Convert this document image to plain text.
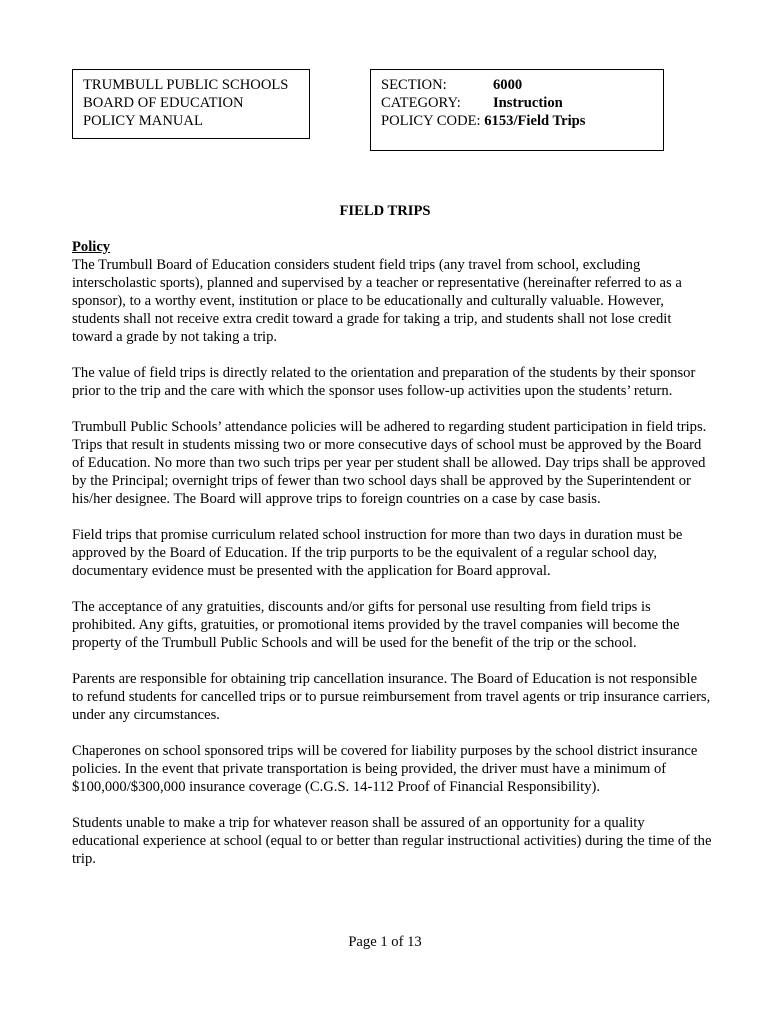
TRUMBULL PUBLIC SCHOOLS
BOARD OF EDUCATION
POLICY MANUAL
SECTION:	6000
CATEGORY:	Instruction
POLICY CODE:
6153/Field Trips
FIELD TRIPS
Policy

The Trumbull Board of Education considers student field trips (any travel from school, excluding interscholastic sports), planned and supervised by a teacher or representative (hereinafter referred to as a sponsor), to a worthy event, institution or place to be educationally and culturally valuable. However, students shall not receive extra credit toward a grade for taking a trip, and students shall not lose credit toward a grade by not taking a trip.

The value of field trips is directly related to the orientation and preparation of the students by their sponsor prior to the trip and the care with which the sponsor uses follow-up activities upon the students’ return.

Trumbull Public Schools’ attendance policies will be adhered to regarding student participation in field trips. Trips that result in students missing two or more consecutive days of school must be approved by the Board of Education. No more than two such trips per year per student shall be allowed. Day trips shall be approved by the Principal; overnight trips of fewer than two school days shall be approved by the Superintendent or his/her designee. The Board will approve trips to foreign countries on a case by case basis.

Field trips that promise curriculum related school instruction for more than two days in duration must be approved by the Board of Education. If the trip purports to be the equivalent of a regular school day, documentary evidence must be presented with the application for Board approval.

The acceptance of any gratuities, discounts and/or gifts for personal use resulting from field trips is prohibited. Any gifts, gratuities, or promotional items provided by the travel companies will become the property of the Trumbull Public Schools and will be used for the benefit of the trip or the school.

Parents are responsible for obtaining trip cancellation insurance. The Board of Education is not responsible to refund students for cancelled trips or to pursue reimbursement from travel agents or trip insurance carriers, under any circumstances.

Chaperones on school sponsored trips will be covered for liability purposes by the school district insurance policies. In the event that private transportation is being provided, the driver must have a minimum of $100,000/$300,000 insurance coverage (C.G.S. 14-112 Proof of Financial Responsibility).

Students unable to make a trip for whatever reason shall be assured of an opportunity for a quality educational experience at school (equal to or better than regular instructional activities) during the time of the trip.

Page 1 of 13
